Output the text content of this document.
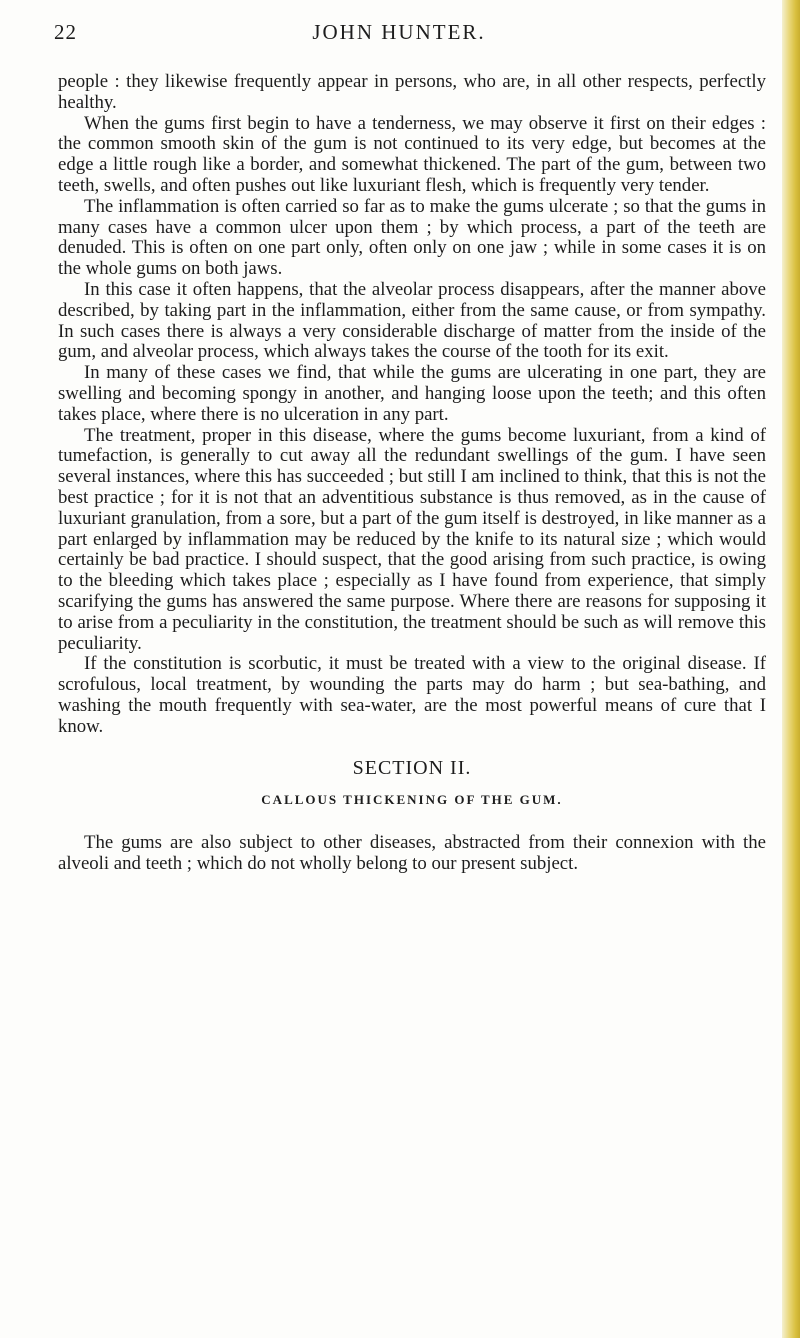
22	JOHN HUNTER.

people : they likewise frequently appear in persons, who are, in all other respects, perfectly healthy.

When the gums first begin to have a tenderness, we may observe it first on their edges : the common smooth skin of the gum is not continued to its very edge, but becomes at the edge a little rough like a border, and somewhat thickened. The part of the gum, between two teeth, swells, and often pushes out like luxuriant flesh, which is frequently very tender.

The inflammation is often carried so far as to make the gums ulcerate ; so that the gums in many cases have a common ulcer upon them ; by which process, a part of the teeth are denuded. This is often on one part only, often only on one jaw ; while in some cases it is on the whole gums on both jaws.

In this case it often happens, that the alveolar process disappears, after the manner above described, by taking part in the inflammation, either from the same cause, or from sympathy. In such cases there is always a very considerable discharge of matter from the inside of the gum, and alveolar process, which always takes the course of the tooth for its exit.

In many of these cases we find, that while the gums are ulcerating in one part, they are swelling and becoming spongy in another, and hanging loose upon the teeth; and this often takes place, where there is no ulceration in any part.

The treatment, proper in this disease, where the gums become luxuriant, from a kind of tumefaction, is generally to cut away all the redundant swellings of the gum. I have seen several instances, where this has succeeded ; but still I am inclined to think, that this is not the best practice ; for it is not that an adventitious substance is thus removed, as in the cause of luxuriant granulation, from a sore, but a part of the gum itself is destroyed, in like manner as a part enlarged by inflammation may be reduced by the knife to its natural size ; which would certainly be bad practice. I should suspect, that the good arising from such practice, is owing to the bleeding which takes place ; especially as I have found from experience, that simply scarifying the gums has answered the same purpose. Where there are reasons for supposing it to arise from a peculiarity in the constitution, the treatment should be such as will remove this peculiarity.

If the constitution is scorbutic, it must be treated with a view to the original disease. If scrofulous, local treatment, by wounding the parts may do harm ; but sea-bathing, and washing the mouth frequently with sea-water, are the most powerful means of cure that I know.

SECTION II.
CALLOUS THICKENING OF THE GUM.

The gums are also subject to other diseases, abstracted from their connexion with the alveoli and teeth ; which do not wholly belong to our present subject.
